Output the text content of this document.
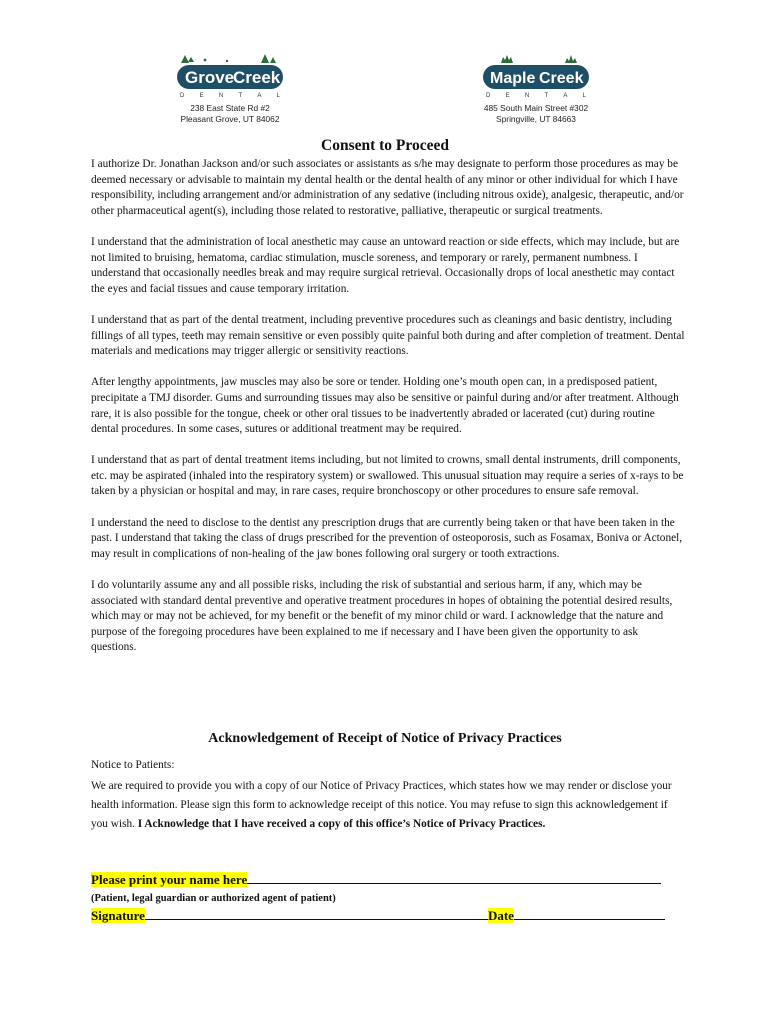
Grove
Creek
D	E	N	T	A	L
238 East State Rd #2
Pleasant Grove, UT 84062
Maple Creek
D	E	N	T	A	L
485 South Main Street #302
Springville, UT 84663
Consent to Proceed

I authorize Dr. Jonathan Jackson and/or such associates or assistants as s/he may designate to perform those procedures as may be deemed necessary or advisable to maintain my dental health or the dental health of any minor or other individual for which I have responsibility, including arrangement and/or administration of any sedative (including nitrous oxide), analgesic, therapeutic, and/or other pharmaceutical agent(s), including those related to restorative, palliative, therapeutic or surgical treatments.

I understand that the administration of local anesthetic may cause an untoward reaction or side effects, which may include, but are not limited to bruising, hematoma, cardiac stimulation, muscle soreness, and temporary or rarely, permanent numbness. I understand that occasionally needles break and may require surgical retrieval. Occasionally drops of local anesthetic may contact the eyes and facial tissues and cause temporary irritation.

I understand that as part of the dental treatment, including preventive procedures such as cleanings and basic dentistry, including fillings of all types, teeth may remain sensitive or even possibly quite painful both during and after completion of treatment. Dental materials and medications may trigger allergic or sensitivity reactions.

After lengthy appointments, jaw muscles may also be sore or tender. Holding one’s mouth open can, in a predisposed patient, precipitate a TMJ disorder. Gums and surrounding tissues may also be sensitive or painful during and/or after treatment. Although rare, it is also possible for the tongue, cheek or other oral tissues to be inadvertently abraded or lacerated (cut) during routine dental procedures. In some cases, sutures or additional treatment may be required.

I understand that as part of dental treatment items including, but not limited to crowns, small dental instruments, drill components, etc. may be aspirated (inhaled into the respiratory system) or swallowed. This unusual situation may require a series of x-rays to be taken by a physician or hospital and may, in rare cases, require bronchoscopy or other procedures to ensure safe removal.

I understand the need to disclose to the dentist any prescription drugs that are currently being taken or that have been taken in the past. I understand that taking the class of drugs prescribed for the prevention of osteoporosis, such as Fosamax, Boniva or Actonel, may result in complications of non-healing of the jaw bones following oral surgery or tooth extractions.

I do voluntarily assume any and all possible risks, including the risk of substantial and serious harm, if any, which may be associated with standard dental preventive and operative treatment procedures in hopes of obtaining the potential desired results, which may or may not be achieved, for my benefit or the benefit of my minor child or ward. I acknowledge that the nature and purpose of the foregoing procedures have been explained to me if necessary and I have been given the opportunity to ask questions.

Acknowledgement of Receipt of Notice of Privacy Practices

Notice to Patients:

We are required to provide you with a copy of our Notice of Privacy Practices, which states how we may render or disclose your health information. Please sign this form to acknowledge receipt of this notice. You may refuse to sign this acknowledgement if you wish. I Acknowledge that I have received a copy of this office’s Notice of Privacy Practices.

Please print your name here
(Patient, legal guardian or authorized agent of patient)
Signature	Date
